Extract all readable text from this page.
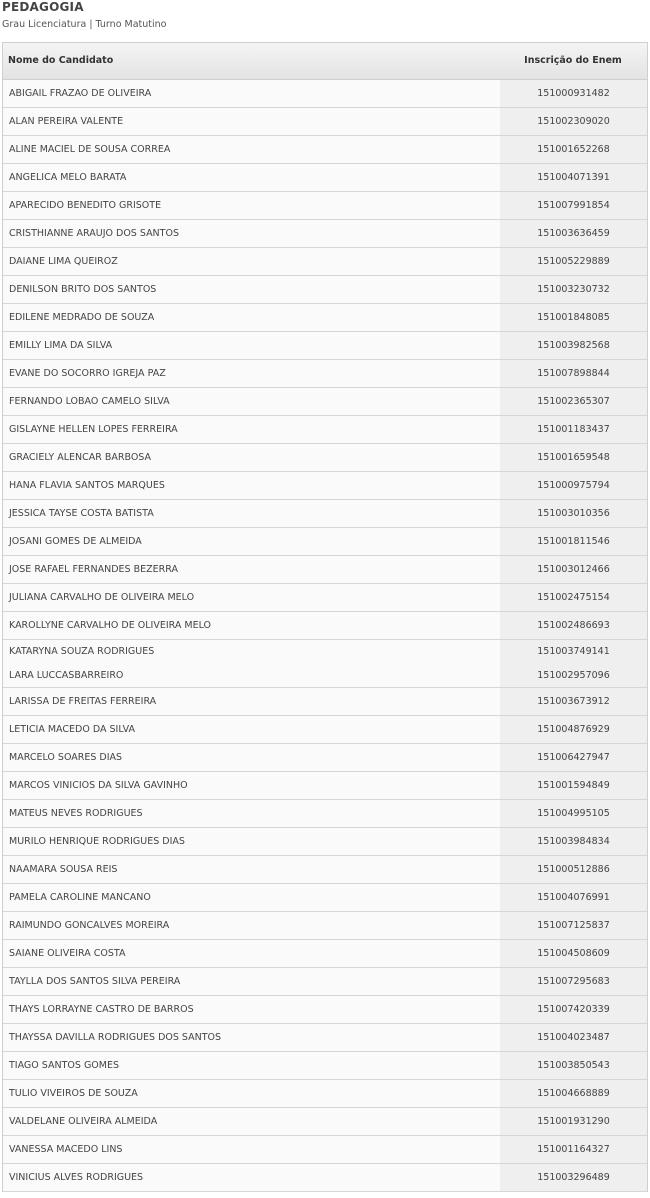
PEDAGOGIA
Grau Licenciatura | Turno Matutino
Nome do Candidato	Inscrição do Enem
ABIGAIL FRAZAO DE OLIVEIRA	151000931482
ALAN PEREIRA VALENTE	151002309020
ALINE MACIEL DE SOUSA CORREA	151001652268
ANGELICA MELO BARATA	151004071391
APARECIDO BENEDITO GRISOTE	151007991854
CRISTHIANNE ARAUJO DOS SANTOS	151003636459
DAIANE LIMA QUEIROZ	151005229889
DENILSON BRITO DOS SANTOS	151003230732
EDILENE MEDRADO DE SOUZA	151001848085
EMILLY LIMA DA SILVA	151003982568
EVANE DO SOCORRO IGREJA PAZ	151007898844
FERNANDO LOBAO CAMELO SILVA	151002365307
GISLAYNE HELLEN LOPES FERREIRA	151001183437
GRACIELY ALENCAR BARBOSA	151001659548
HANA FLAVIA SANTOS MARQUES	151000975794
JESSICA TAYSE COSTA BATISTA	151003010356
JOSANI GOMES DE ALMEIDA	151001811546
JOSE RAFAEL FERNANDES BEZERRA	151003012466
JULIANA CARVALHO DE OLIVEIRA MELO	151002475154
KAROLLYNE CARVALHO DE OLIVEIRA MELO	151002486693
KATARYNA SOUZA RODRIGUES	151003749141
LARA LUCCASBARREIRO	151002957096
LARISSA DE FREITAS FERREIRA	151003673912
LETICIA MACEDO DA SILVA	151004876929
MARCELO SOARES DIAS	151006427947
MARCOS VINICIOS DA SILVA GAVINHO	151001594849
MATEUS NEVES RODRIGUES	151004995105
MURILO HENRIQUE RODRIGUES DIAS	151003984834
NAAMARA SOUSA REIS	151000512886
PAMELA CAROLINE MANCANO	151004076991
RAIMUNDO GONCALVES MOREIRA	151007125837
SAIANE OLIVEIRA COSTA	151004508609
TAYLLA DOS SANTOS SILVA PEREIRA	151007295683
THAYS LORRAYNE CASTRO DE BARROS	151007420339
THAYSSA DAVILLA RODRIGUES DOS SANTOS	151004023487
TIAGO SANTOS GOMES	151003850543
TULIO VIVEIROS DE SOUZA	151004668889
VALDELANE OLIVEIRA ALMEIDA	151001931290
VANESSA MACEDO LINS	151001164327
VINICIUS ALVES RODRIGUES	151003296489
